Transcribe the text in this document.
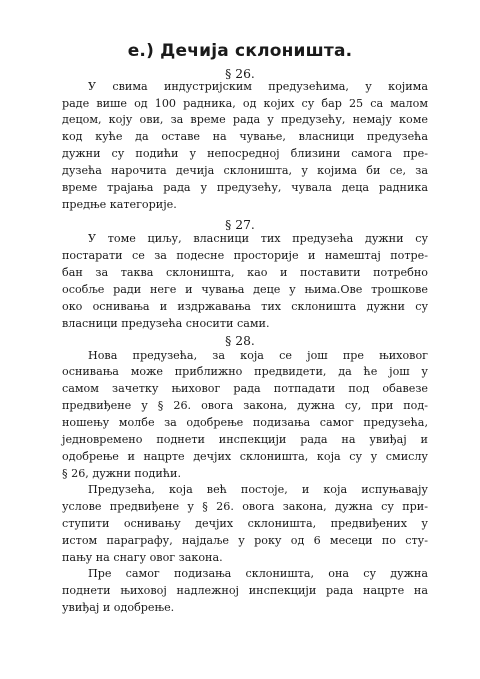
е.) Дечија склоништа.
§ 26.
У свима индустријским предузећима, у којима
раде више од 100 радника, од којих су бар 25 са малом
децом, коју ови, за време рада у предузећу, немају коме
код куће да оставе на чување, власници предузећа
дужни су подићи у непосредној близини самога пре-
дузећа нарочита дечија склоништа, у којима би се, за
време трајања рада у предузећу, чувала деца радника
предње категорије.
§ 27.
У томе циљу, власници тих предузећа дужни су
постарати се за подесне просторије и намештај потре-
бан за таква склоништа, као и поставити потребно
особље ради неге и чувања деце у њима.Ове трошкове
око оснивања и издржавања тих склоништа дужни су
власници предузећа сносити сами.
§ 28.
Нова предузећа, за која се још пре њиховог
оснивања може приближно предвидети, да ће још у
самом зачетку њиховог рада потпадати под обавезе
предвиђене у § 26. овога закона, дужна су, при под-
ношењу молбе за одобрење подизања самог предузећа,
једновремено поднети инспекцији рада на увиђај и
одобрење и нацрте дечјих склоништа, која су у смислу
§ 26, дужни подићи.
Предузећа, која већ постоје, и која испуњавају
услове предвиђене у § 26. овога закона, дужна су при-
ступити оснивању дечјих склоништа, предвиђених у
истом параграфу, најдаље у року од 6 месеци по сту-
пању на снагу овог закона.
Пре самог подизања склоништа, она су дужна
поднети њиховој надлежној инспекцији рада нацрте на
увиђај и одобрење.
